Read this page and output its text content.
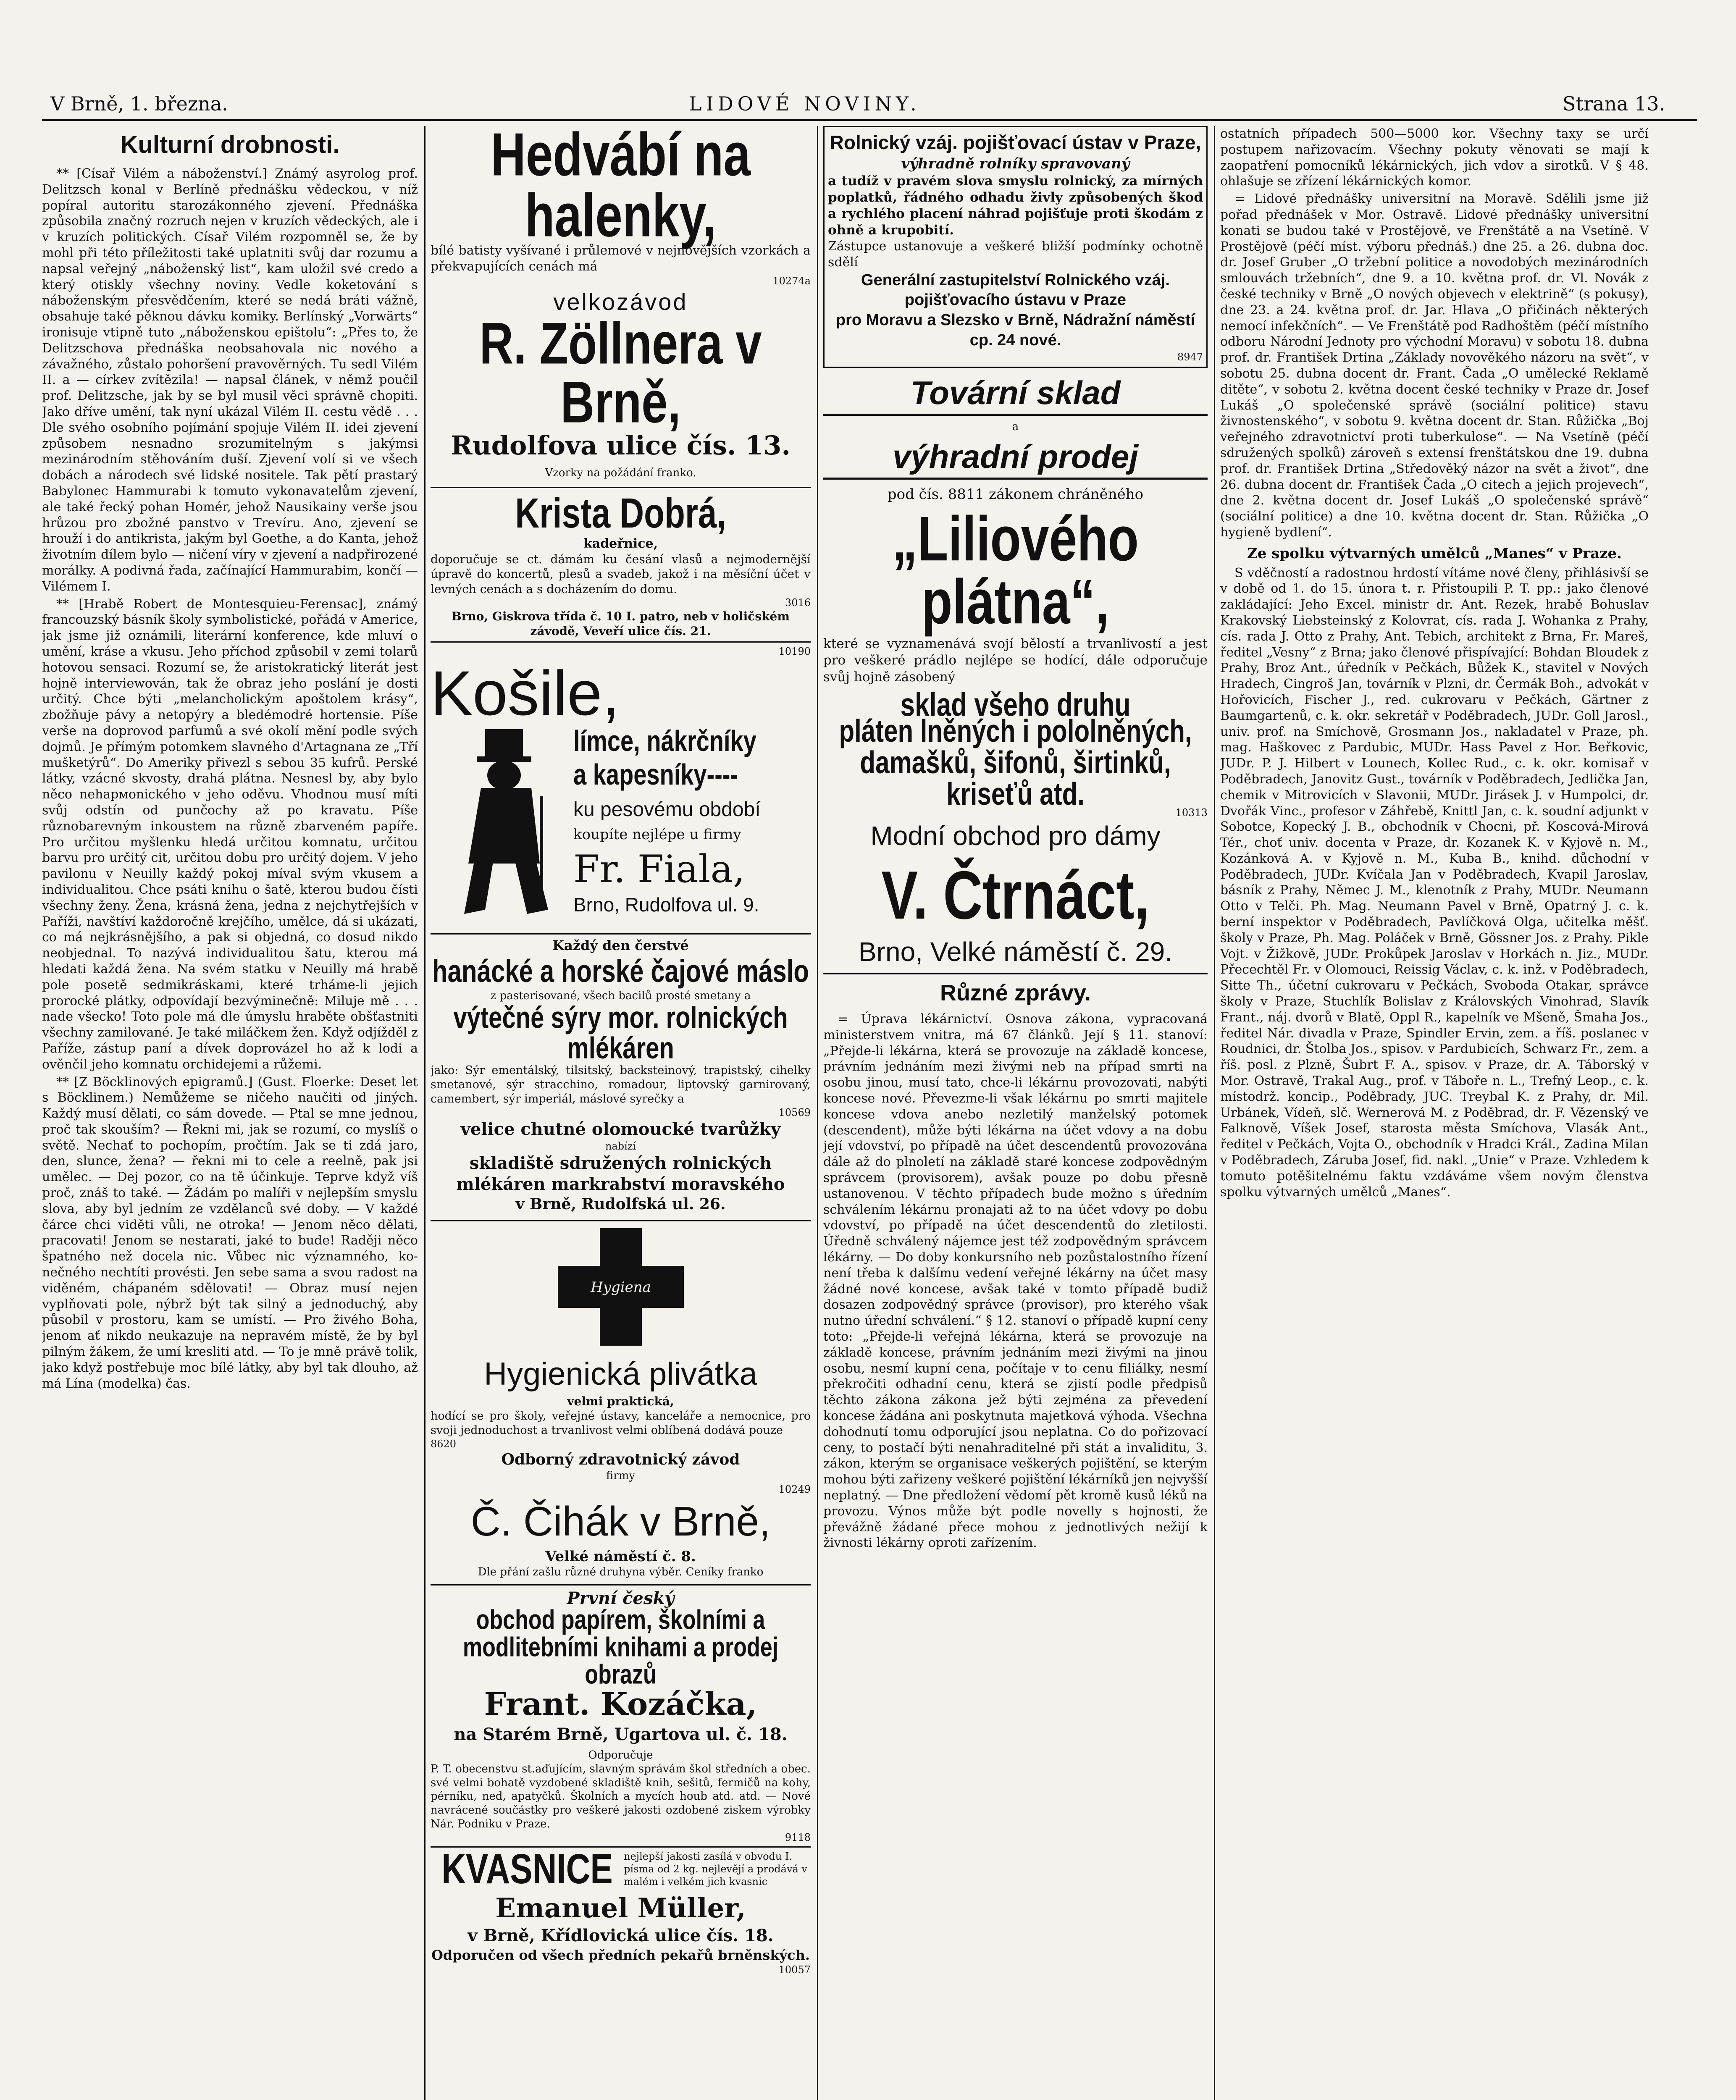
V Brně, 1. března.	LIDOVÉ NOVINY.	Strana 13.
Kulturní drobnosti.

** [Císař Vilém a náboženství.] Známý asyrolog prof. Delitzsch konal v Berlíně přednášku vědeckou, v níž popíral autoritu starozákonného zjevení. Přednáška způsobila značný rozruch nejen v kruzích vědeckých, ale i v kruzích politických. Císař Vilém rozpomněl se, že by mohl při této příležitosti také uplatniti svůj dar rozumu a napsal veřejný „náboženský list“, kam uložil své credo a který otiskly všechny noviny. Vedle koketování s náboženským přesvědčením, které se nedá bráti vážně, obsahuje také pěknou dávku komiky. Berlínský „Vorwärts“ ironisuje vtipně tuto „náboženskou epištolu“: „Přes to, že Delitzschova přednáška neobsahovala nic nového a závažného, zůstalo pohoršení pravověrných. Tu sedl Vilém II. a — církev zvítězila! — napsal článek, v němž poučil prof. Delitzsche, jak by se byl musil věci správně chopiti. Jako dříve umění, tak nyní ukázal Vilém II. cestu vědě . . . Dle svého osobního pojímání spojuje Vilém II. idei zjevení způsobem nesnadno srozumitelným s jakýmsi mezinárodním stěhováním duší. Zjevení volí si ve všech dobách a národech své lidské nositele. Tak pětí prastarý Babylonec Hammurabi k tomuto vykonavatelům zjevení, ale také řecký pohan Homér, jehož Nausikainy verše jsou hrůzou pro zbožné panstvo v Trevíru. Ano, zjevení se hrouží i do antikrista, jakým byl Goethe, a do Kanta, jehož životním dílem bylo — ničení víry v zjevení a nadpřirozené morálky. A podivná řada, začínající Hammurabim, končí — Vilémem I.

** [Hrabě Robert de Montesquieu-Ferensac], známý francouzský básník školy symbolistické, pořádá v Americe, jak jsme již oznámili, literární konference, kde mluví o umění, kráse a vkusu. Jeho příchod způsobil v zemi tolarů hotovou sensaci. Rozumí se, že aristokratický literát jest hojně interviewován, tak že obraz jeho poslání je dosti určitý. Chce býti „melancholickým apoštolem krásy“, zbožňuje pávy a netopýry a bledémodré hortensie. Píše verše na doprovod parfumů a své okolí mění podle svých dojmů. Je přímým potomkem slavného d'Artagnana ze „Tří mušketýrů“. Do Ameriky přivezl s sebou 35 kufrů. Perské látky, vzácné skvosty, drahá plátna. Nesnesl by, aby bylo něco nehармonického v jeho oděvu. Vhodnou musí míti svůj odstín od punčochy až po kravatu. Píše různobarevným inkoustem na různě zbarveném papíře. Pro určitou myšlenku hledá určitou komnatu, určitou barvu pro určitý cit, určitou dobu pro určitý dojem. V jeho pavilonu v Neuilly každý pokoj míval svým vkusem a individualitou. Chce psáti knihu o šatě, kterou budou čísti všechny ženy. Žena, krásná žena, jedna z nejchytřejších v Paříži, navštíví každoročně krejčího, umělce, dá si ukázati, co má nejkrásnějšího, a pak si objedná, co dosud nikdo neobjednal. To nazývá individualitou šatu, kterou má hledati každá žena. Na svém statku v Neuilly má hrabě pole posetě sedmikráskami, které trháme-li jejich prorocké plátky, odpovídají bezvýminečně: Miluje mě . . . nade všecko! Toto pole má dle úmyslu hraběte obšťastniti všechny zamilované. Je také miláčkem žen. Když odjížděl z Paříže, zástup paní a dívek doprovázel ho až k lodi a ověnčil jeho komnatu orchidejemi a růžemi.

** [Z Böcklinových epigramů.] (Gust. Floerke: Deset let s Böcklinem.) Nemůžeme se ničeho naučiti od jiných. Každý musí dělati, co sám dovede. — Ptal se mne jednou, proč tak skouším? — Řekni mi, jak se rozumí, co myslíš o světě. Nechať to pochopím, pročtím. Jak se ti zdá jaro, den, slunce, žena? — řekni mi to cele a reelně, pak jsi umělec. — Dej pozor, co na tě účinkuje. Teprve když víš proč, znáš to také. — Žádám po malíři v nejlepším smyslu slova, aby byl jedním ze vzdělanců své doby. — V každé čárce chci viděti vůli, ne otroka! — Jenom něco dělati, pracovati! Jenom se nestarati, jaké to bude! Raději něco špatného než docela nic. Vůbec nic významného, ko-nečného nechtíti provésti. Jen sebe sama a svou radost na viděném, chápaném sdělovati! — Obraz musí nejen vyplňovati pole, nýbrž být tak silný a jednoduchý, aby působil v prostoru, kam se umístí. — Pro živého Boha, jenom ať nikdo neukazuje na nepravém místě, že by byl pilným žákem, že umí kresliti atd. — To je mně právě tolik, jako když postřebuje moc bílé látky, aby byl tak dlouho, až má Lína (modelka) čas.

Hedvábí na halenky,
bílé batisty vyšívané i průlemové v nejnovějších vzorkách a překvapujících cenách má
10274a
velkozávod
R. Zöllnera v Brně,
Rudolfova ulice čís. 13.
Vzorky na požádání franko.
Krista Dobrá,
kadeřnice,
doporučuje se ct. dámám ku česání vlasů a nejmodernější úpravě do koncertů, plesů a svadeb, jakož i na měsíční účet v levných cenách a s docházením do domu.
3016
Brno, Giskrova třída č. 10 I. patro, neb v holičském závodě, Veveří ulice čís. 21.
10190
Košile,
límce, nákrčníky
a kapesníky----
ku pesovému období
koupíte nejlépe u firmy
Fr. Fiala,
Brno, Rudolfova ul. 9.
Každý den čerstvé
hanácké a horské čajové máslo
z pasterisované, všech bacilů prosté smetany a
výtečné sýry mor. rolnických mlékáren
jako: Sýr ementálský, tilsitský, backsteinový, trapistský, cihelky smetanové, sýr stracchino, romadour, liptovský garnirovaný, camembert, sýr imperiál, máslové syrečky a
10569
velice chutné olomoucké tvarůžky
nabízí
skladiště sdružených rolnických mlékáren markrabství moravského
v Brně, Rudolfská ul. 26.
Hygiena
Hygienická plivátka
velmi praktická,
hodící se pro školy, veřejné ústavy, kanceláře a nemocnice, pro svoji jednoduchost a trvanlivost velmi oblíbená dodává pouze
8620
Odborný zdravotnický závod
firmy
10249
Č. Čihák v Brně,
Velké náměstí č. 8.
Dle přání zašlu různé druhyna výběr. Ceníky franko
První český
obchod papírem, školními a modlitebními knihami a prodej obrazů
Frant. Kozáčka,
na Starém Brně, Ugartova ul. č. 18.
Odporučuje
P. T. obecenstvu st.aďujícím, slavným správám škol středních a obec. své velmi bohatě vyzdobené skladiště knih, sešitů, fermičů na kohy, pérníku, ned, apatyčků. Školních a mycích houb atd. atd. — Nové navrácené součástky pro veškeré jakosti ozdobené ziskem výrobky Nár. Podniku v Praze.
9118
KVASNICE	nejlepší jakosti zasílá v obvodu I. písma od 2 kg. nejlevějí a prodává v malém i velkém jich kvasnic
Emanuel Müller,
v Brně, Křídlovická ulice čís. 18.
Odporučen od všech předních pekařů brněnských.
10057
Rolnický vzáj. pojišťovací ústav v Praze,
výhradně rolníky spravovaný
a tudíž v pravém slova smyslu rolnický, za mírných poplatků, řádného odhadu živly způsobených škod a rychlého placení náhrad pojišťuje proti škodám z ohně a krupobití.
Zástupce ustanovuje a veškeré bližší podmínky ochotně sdělí
Generální zastupitelství Rolnického vzáj. pojišťovacího ústavu v Praze
pro Moravu a Slezsko v Brně, Nádražní náměstí cp. 24 nové.
8947
Tovární sklad
a
výhradní prodej
pod čís. 8811 zákonem chráněného
„Liliového plátna“,
které se vyznamenává svojí bělostí a trvanlivostí a jest pro veškeré prádlo nejlépe se hodící, dále odporučuje svůj hojně zásobený
sklad všeho druhu
pláten lněných i pololněných, damašků, šifonů, širtinků, kriseťů atd.
10313
Modní obchod pro dámy
V. Čtrnáct,
Brno, Velké náměstí č. 29.
Různé zprávy.

= Úprava lékárnictví. Osnova zákona, vypracovaná ministerstvem vnitra, má 67 článků. Její § 11. stanoví: „Přejde-li lékárna, která se provozuje na základě koncese, právním jednáním mezi živými neb na případ smrti na osobu jinou, musí tato, chce-li lékárnu provozovati, nabýti koncese nové. Převezme-li však lékárnu po smrti majitele koncese vdova anebo nezletilý manželský potomek (descendent), může býti lékárna na účet vdovy a na dobu její vdovství, po případě na účet descendentů provozována dále až do plnoletí na základě staré koncese zodpovědným správcem (provisorem), avšak pouze po dobu přesně ustanovenou. V těchto případech bude možno s úředním schválením lékárnu pronajati až to na účet vdovy po dobu vdovství, po případě na účet descendentů do zletilosti. Úředně schválený nájemce jest též zodpovědným správcem lékárny. — Do doby konkursního neb pozůstalostního řízení není třeba k dalšímu vedení veřejné lékárny na účet masy žádné nové koncese, avšak také v tomto případě budiž dosazen zodpovědný správce (provisor), pro kterého však nutno úřední schválení.“ § 12. stanoví o případě kupní ceny toto: „Přejde-li veřejná lékárna, která se provozuje na základě koncese, právním jednáním mezi živými na jinou osobu, nesmí kupní cena, počítaje v to cenu filiálky, nesmí překročiti odhadní cenu, která se zjistí podle předpisů těchto zákona zákona jež býti zejména za převedení koncese žádána ani poskytnuta majetková výhoda. Všechna dohodnutí tomu odporující jsou neplatna. Co do pořizovací ceny, to postačí býti nenahraditelné při stát a invaliditu, 3. zákon, kterým se organisace veškerých pojištění, se kterým mohou býti zařizeny veškeré pojištění lékárníků jen nejvyšší neplatný. — Dne předložení vědomí pět kromě kusů léků na provozu. Výnos může být podle novelly s hojnosti, že převážně žádané přece mohou z jednotlivých nežijí k živnosti lékárny oproti zařízením.

ostatních případech 500—5000 kor. Všechny taxy se určí postupem nařizovacím. Všechny pokuty věnovati se mají k zaopatření pomocníků lékárnických, jich vdov a sirotků. V § 48. ohlašuje se zřízení lékárnických komor.

= Lidové přednášky universitní na Moravě. Sdělili jsme již pořad přednášek v Mor. Ostravě. Lidové přednášky universitní konati se budou také v Prostějově, ve Frenštátě a na Vsetíně. V Prostějově (péčí míst. výboru přednáš.) dne 25. a 26. dubna doc. dr. Josef Gruber „O tržební politice a novodobých mezinárodních smlouvách tržebních“, dne 9. a 10. května prof. dr. Vl. Novák z české techniky v Brně „O nových objevech v elektrině“ (s pokusy), dne 23. a 24. května prof. dr. Jar. Hlava „O přičinách některých nemocí infekčních“. — Ve Frenštátě pod Radhoštěm (péčí místního odboru Národní Jednoty pro východní Moravu) v sobotu 18. dubna prof. dr. František Drtina „Základy novověkého názoru na svět“, v sobotu 25. dubna docent dr. Frant. Čada „O umělecké Reklamě ditěte“, v sobotu 2. května docent české techniky v Praze dr. Josef Lukáš „O společenské správě (sociální politice) stavu živnostenského“, v sobotu 9. května docent dr. Stan. Růžička „Boj veřejného zdravotnictví proti tuberkulose“. — Na Vsetíně (péčí sdružených spolků) zároveň s extensí frenštátskou dne 19. dubna prof. dr. František Drtina „Středověký názor na svět a život“, dne 26. dubna docent dr. František Čada „O citech a jejich projevech“, dne 2. května docent dr. Josef Lukáš „O společenské správě“ (sociální politice) a dne 10. května docent dr. Stan. Růžička „O hygieně bydlení“.

Ze spolku výtvarných umělců „Manes“ v Praze.

S vděčností a radostnou hrdostí vítáme nové členy, přihlásivší se v době od 1. do 15. února t. r. Přistoupili P. T. pp.: jako členové zakládající: Jeho Excel. ministr dr. Ant. Rezek, hrabě Bohuslav Krakovský Liebsteinský z Kolovrat, cís. rada J. Wohanka z Prahy, cís. rada J. Otto z Prahy, Ant. Tebich, architekt z Brna, Fr. Mareš, ředitel „Vesny“ z Brna; jako členové přispívající: Bohdan Bloudek z Prahy, Broz Ant., úředník v Pečkách, Bůžek K., stavitel v Nových Hradech, Cingroš Jan, továrník v Plzni, dr. Čermák Boh., advokát v Hořovicích, Fischer J., red. cukrovaru v Pečkách, Gärtner z Baumgartenů, c. k. okr. sekretář v Poděbradech, JUDr. Goll Jarosl., univ. prof. na Smíchově, Grosmann Jos., nakladatel v Praze, ph. mag. Haškovec z Pardubic, MUDr. Hass Pavel z Hor. Beřkovic, JUDr. P. J. Hilbert v Lounech, Kollec Rud., c. k. okr. komisař v Poděbradech, Janovitz Gust., továrník v Poděbradech, Jedlička Jan, chemik v Mitrovicích v Slavonii, MUDr. Jirásek J. v Humpolci, dr. Dvořák Vinc., profesor v Záhřebě, Knittl Jan, c. k. soudní adjunkt v Sobotce, Kopecký J. B., obchodník v Chocni, př. Koscová-Mirová Tér., choť univ. docenta v Praze, dr. Kozanek K. v Kyjově n. M., Kozánková A. v Kyjově n. M., Kuba B., knihd. důchodní v Poděbradech, JUDr. Kvíčala Jan v Poděbradech, Kvapil Jaroslav, básník z Prahy, Němec J. M., klenotník z Prahy, MUDr. Neumann Otto v Telči. Ph. Mag. Neumann Pavel v Brně, Opatrný J. c. k. berní inspektor v Poděbradech, Pavlíčková Olga, učitelka měšť. školy v Praze, Ph. Mag. Poláček v Brně, Gössner Jos. z Prahy. Pikle Vojt. v Žižkově, JUDr. Prokůpek Jaroslav v Horkách n. Jiz., MUDr. Přecechtěl Fr. v Olomouci, Reissig Václav, c. k. inž. v Poděbradech, Sitte Th., účetní cukrovaru v Pečkách, Svoboda Otakar, správce školy v Praze, Stuchlík Bolislav z Královských Vinohrad, Slavík Frant., náj. dvorů v Blatě, Oppl R., kapelník ve Mšeně, Šmaha Jos., ředitel Nár. divadla v Praze, Spindler Ervin, zem. a říš. poslanec v Roudnici, dr. Štolba Jos., spisov. v Pardubicích, Schwarz Fr., zem. a říš. posl. z Plzně, Šubrt F. A., spisov. v Praze, dr. A. Táborský v Mor. Ostravě, Trakal Aug., prof. v Táboře n. L., Trefný Leop., c. k. místodrž. koncip., Poděbrady, JUC. Treybal K. z Prahy, dr. Mil. Urbánek, Vídeň, slč. Wernerová M. z Poděbrad, dr. F. Vězenský ve Falknově, Víšek Josef, starosta města Smíchova, Vlasák Ant., ředitel v Pečkách, Vojta O., obchodník v Hradci Král., Zadina Milan v Poděbradech, Záruba Josef, fid. nakl. „Unie“ v Praze. Vzhledem k tomuto potěšitelnému faktu vzdáváme všem novým členstva spolku výtvarných umělců „Manes“.
